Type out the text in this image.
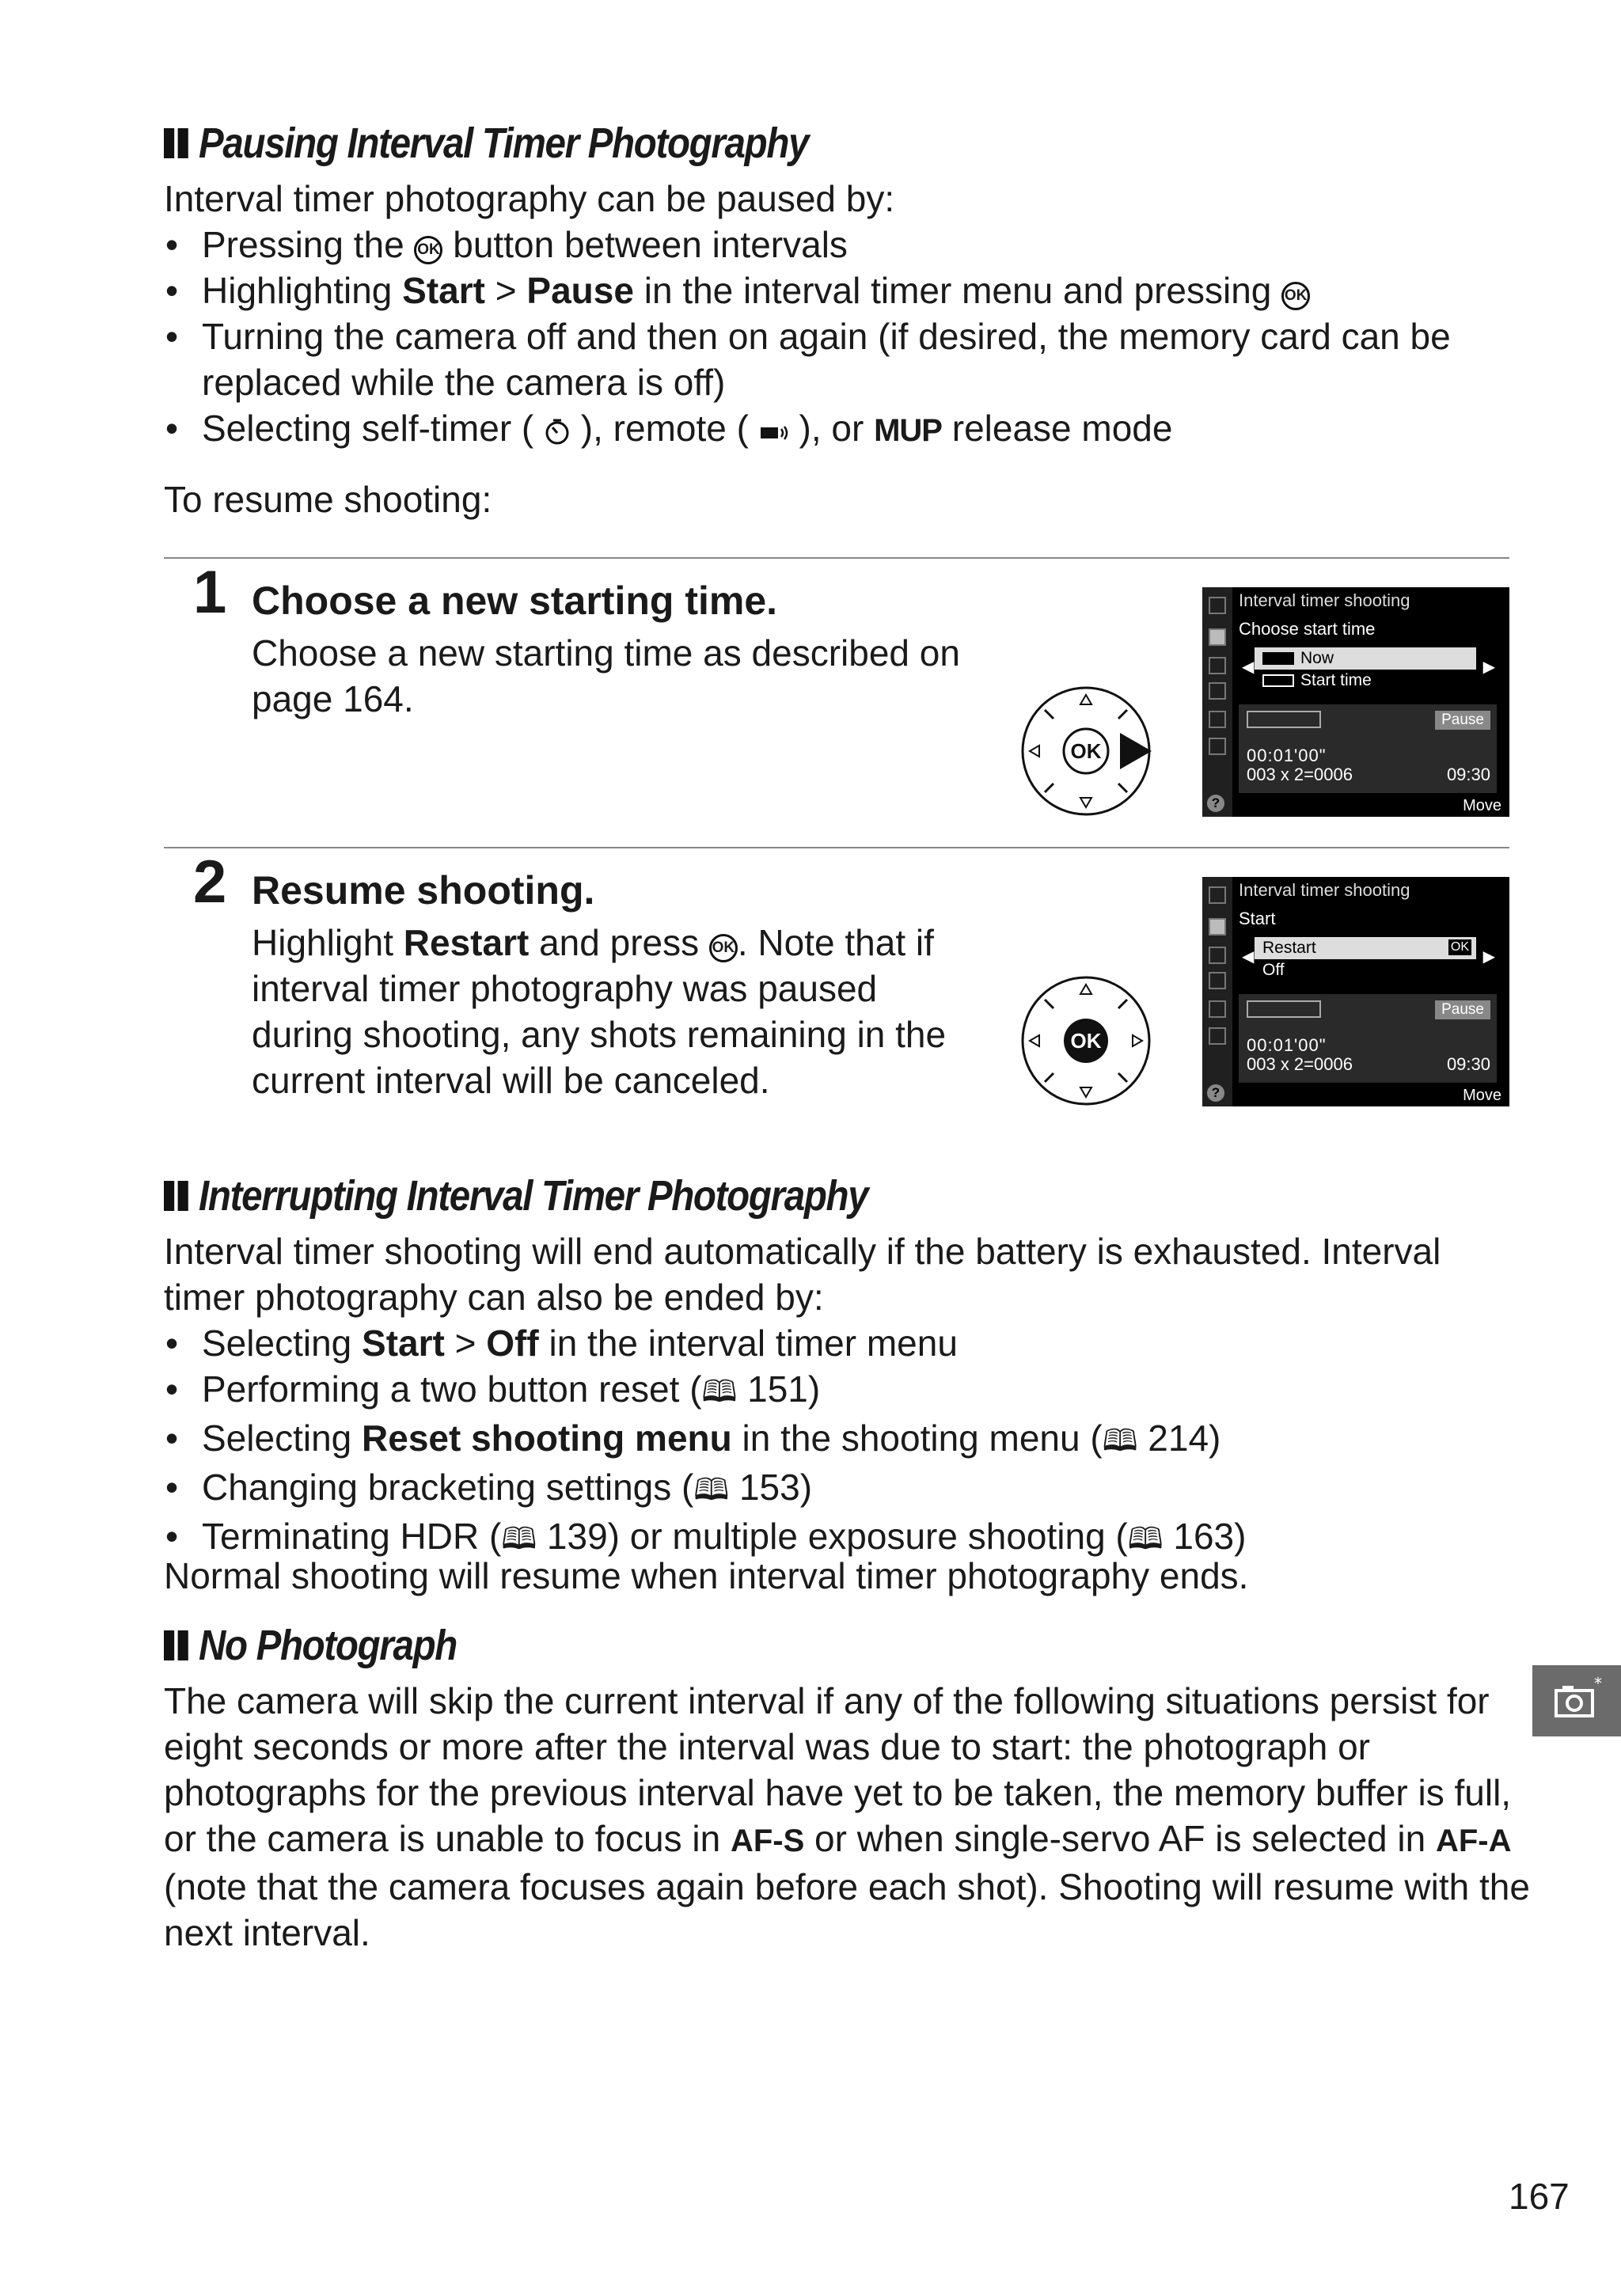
Pausing Interval Timer Photography
Interval timer photography can be paused by:
• Pressing the OK button between intervals
• Highlighting Start > Pause in the interval timer menu and pressing OK
• Turning the camera off and then on again (if desired, the memory card can be
replaced while the camera is off)
• Selecting self-timer ( ), remote ( ), or MUP release mode
To resume shooting:
1 Choose a new starting time.
Choose a new starting time as described on
page 164.
OK
Interval timer shooting
Choose start time
◀	Now	▶
Start time
Pause
00:01'00"
003 x 2=0006	09:30
?	Move
2 Resume shooting.
Highlight Restart and press OK. Note that if
interval timer photography was paused
during shooting, any shots remaining in the
current interval will be canceled.
OK
Interval timer shooting
Start
◀ Restart	OK
▶
Off
Pause
00:01'00"
003 x 2=0006	09:30
?	Move
Interrupting Interval Timer Photography
Interval timer shooting will end automatically if the battery is exhausted. Interval
timer photography can also be ended by:
• Selecting Start > Off in the interval timer menu
• Performing a two button reset (🕮 151)
• Selecting Reset shooting menu in the shooting menu (🕮 214)
• Changing bracketing settings (🕮 153)
• Terminating HDR (🕮 139) or multiple exposure shooting (🕮 163)
Normal shooting will resume when interval timer photography ends.
No Photograph
The camera will skip the current interval if any of the following situations persist for
eight seconds or more after the interval was due to start: the photograph or
photographs for the previous interval have yet to be taken, the memory buffer is full,
or the camera is unable to focus in AF-S or when single-servo AF is selected in AF-A
(note that the camera focuses again before each shot). Shooting will resume with the
next interval.
*
167
